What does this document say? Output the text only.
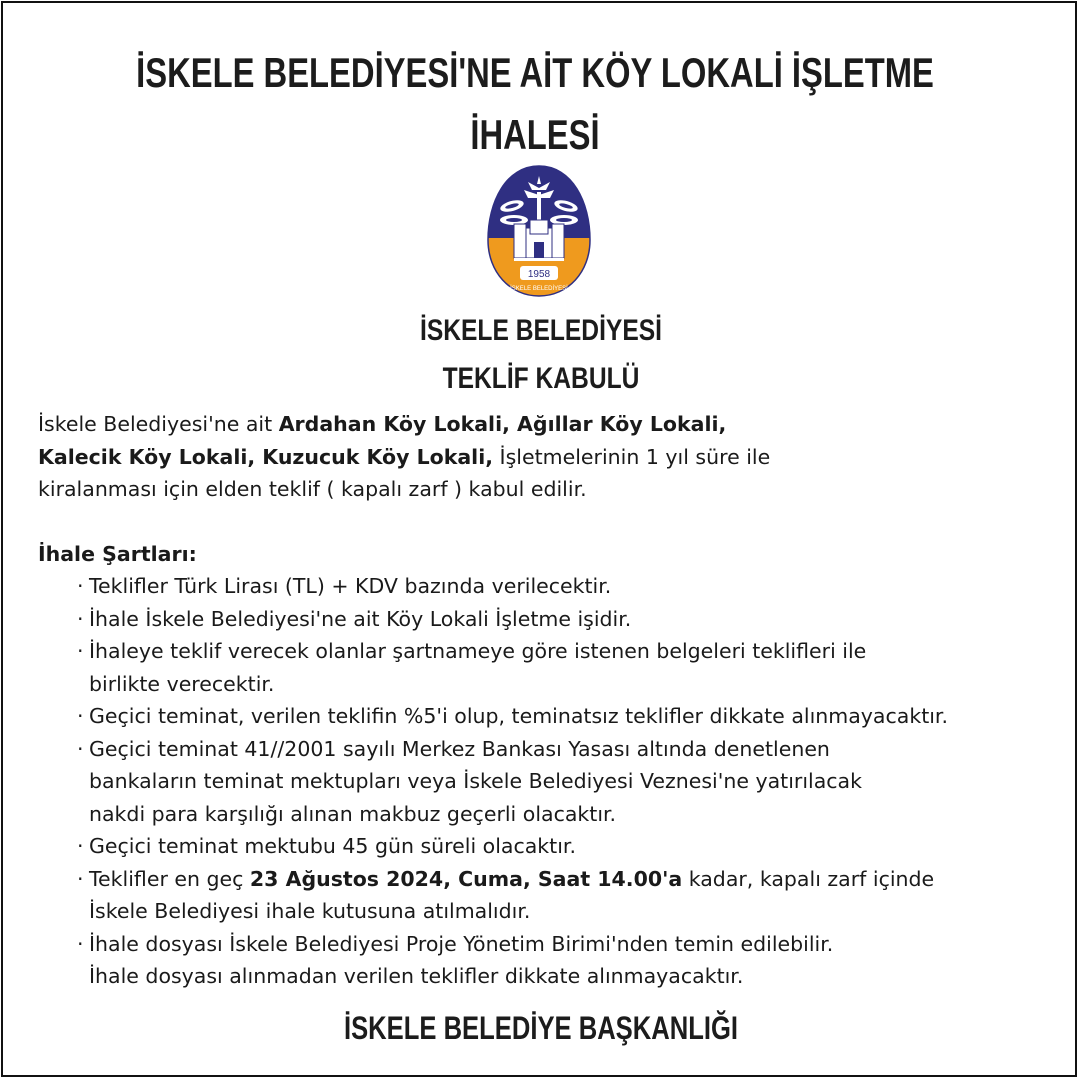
İSKELE BELEDİYESİ'NE AİT KÖY LOKALİ İŞLETME
İHALESİ
1958
İSKELE BELEDİYESİ
İSKELE BELEDİYESİ
TEKLİF KABULÜ

İskele Belediyesi'ne ait Ardahan Köy Lokali, Ağıllar Köy Lokali,
Kalecik Köy Lokali, Kuzucuk Köy Lokali, İşletmelerinin 1 yıl süre ile
kiralanması için elden teklif ( kapalı zarf ) kabul edilir.

İhale Şartları:

· Teklifler Türk Lirası (TL) + KDV bazında verilecektir.
· İhale İskele Belediyesi'ne ait Köy Lokali İşletme işidir.
· İhaleye teklif verecek olanlar şartnameye göre istenen belgeleri teklifleri ile
birlikte verecektir.
· Geçici teminat, verilen teklifin %5'i olup, teminatsız teklifler dikkate alınmayacaktır.
· Geçici teminat 41//2001 sayılı Merkez Bankası Yasası altında denetlenen
bankaların teminat mektupları veya İskele Belediyesi Veznesi'ne yatırılacak
nakdi para karşılığı alınan makbuz geçerli olacaktır.
· Geçici teminat mektubu 45 gün süreli olacaktır.
· Teklifler en geç 23 Ağustos 2024, Cuma, Saat 14.00'a kadar, kapalı zarf içinde
İskele Belediyesi ihale kutusuna atılmalıdır.
· İhale dosyası İskele Belediyesi Proje Yönetim Birimi'nden temin edilebilir.
İhale dosyası alınmadan verilen teklifler dikkate alınmayacaktır.
İSKELE BELEDİYE BAŞKANLIĞI
